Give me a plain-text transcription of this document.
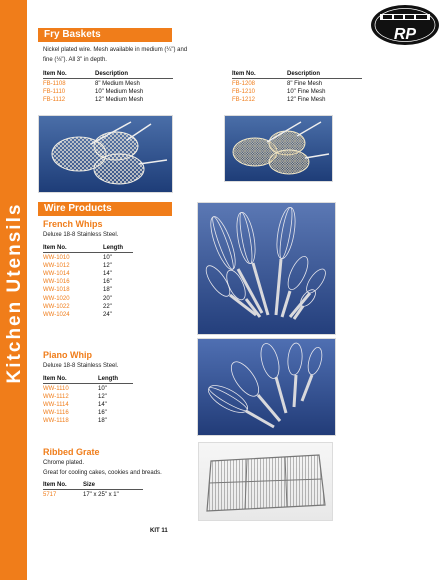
Kitchen Utensils
RP
Fry Baskets
Nickel plated wire. Mesh available in medium (¼") and
fine (⅛"). All 3" in depth.
Item No.	Description
FB-1108	8" Medium Mesh
FB-1110	10" Medium Mesh
FB-1112	12" Medium Mesh
Item No.	Description
FB-1208	8" Fine Mesh
FB-1210	10" Fine Mesh
FB-1212	12" Fine Mesh
Wire Products
French Whips
Deluxe 18-8 Stainless Steel.
Item No.	Length
WW-1010	10"
WW-1012	12"
WW-1014	14"
WW-1016	16"
WW-1018	18"
WW-1020	20"
WW-1022	22"
WW-1024	24"
Piano Whip
Deluxe 18-8 Stainless Steel.
Item No.	Length
WW-1110	10"
WW-1112	12"
WW-1114	14"
WW-1116	16"
WW-1118	18"
Ribbed Grate
Chrome plated.
Great for cooling cakes, cookies and breads.
Item No.	Size
5717	17" x 25" x 1"
KIT 11
